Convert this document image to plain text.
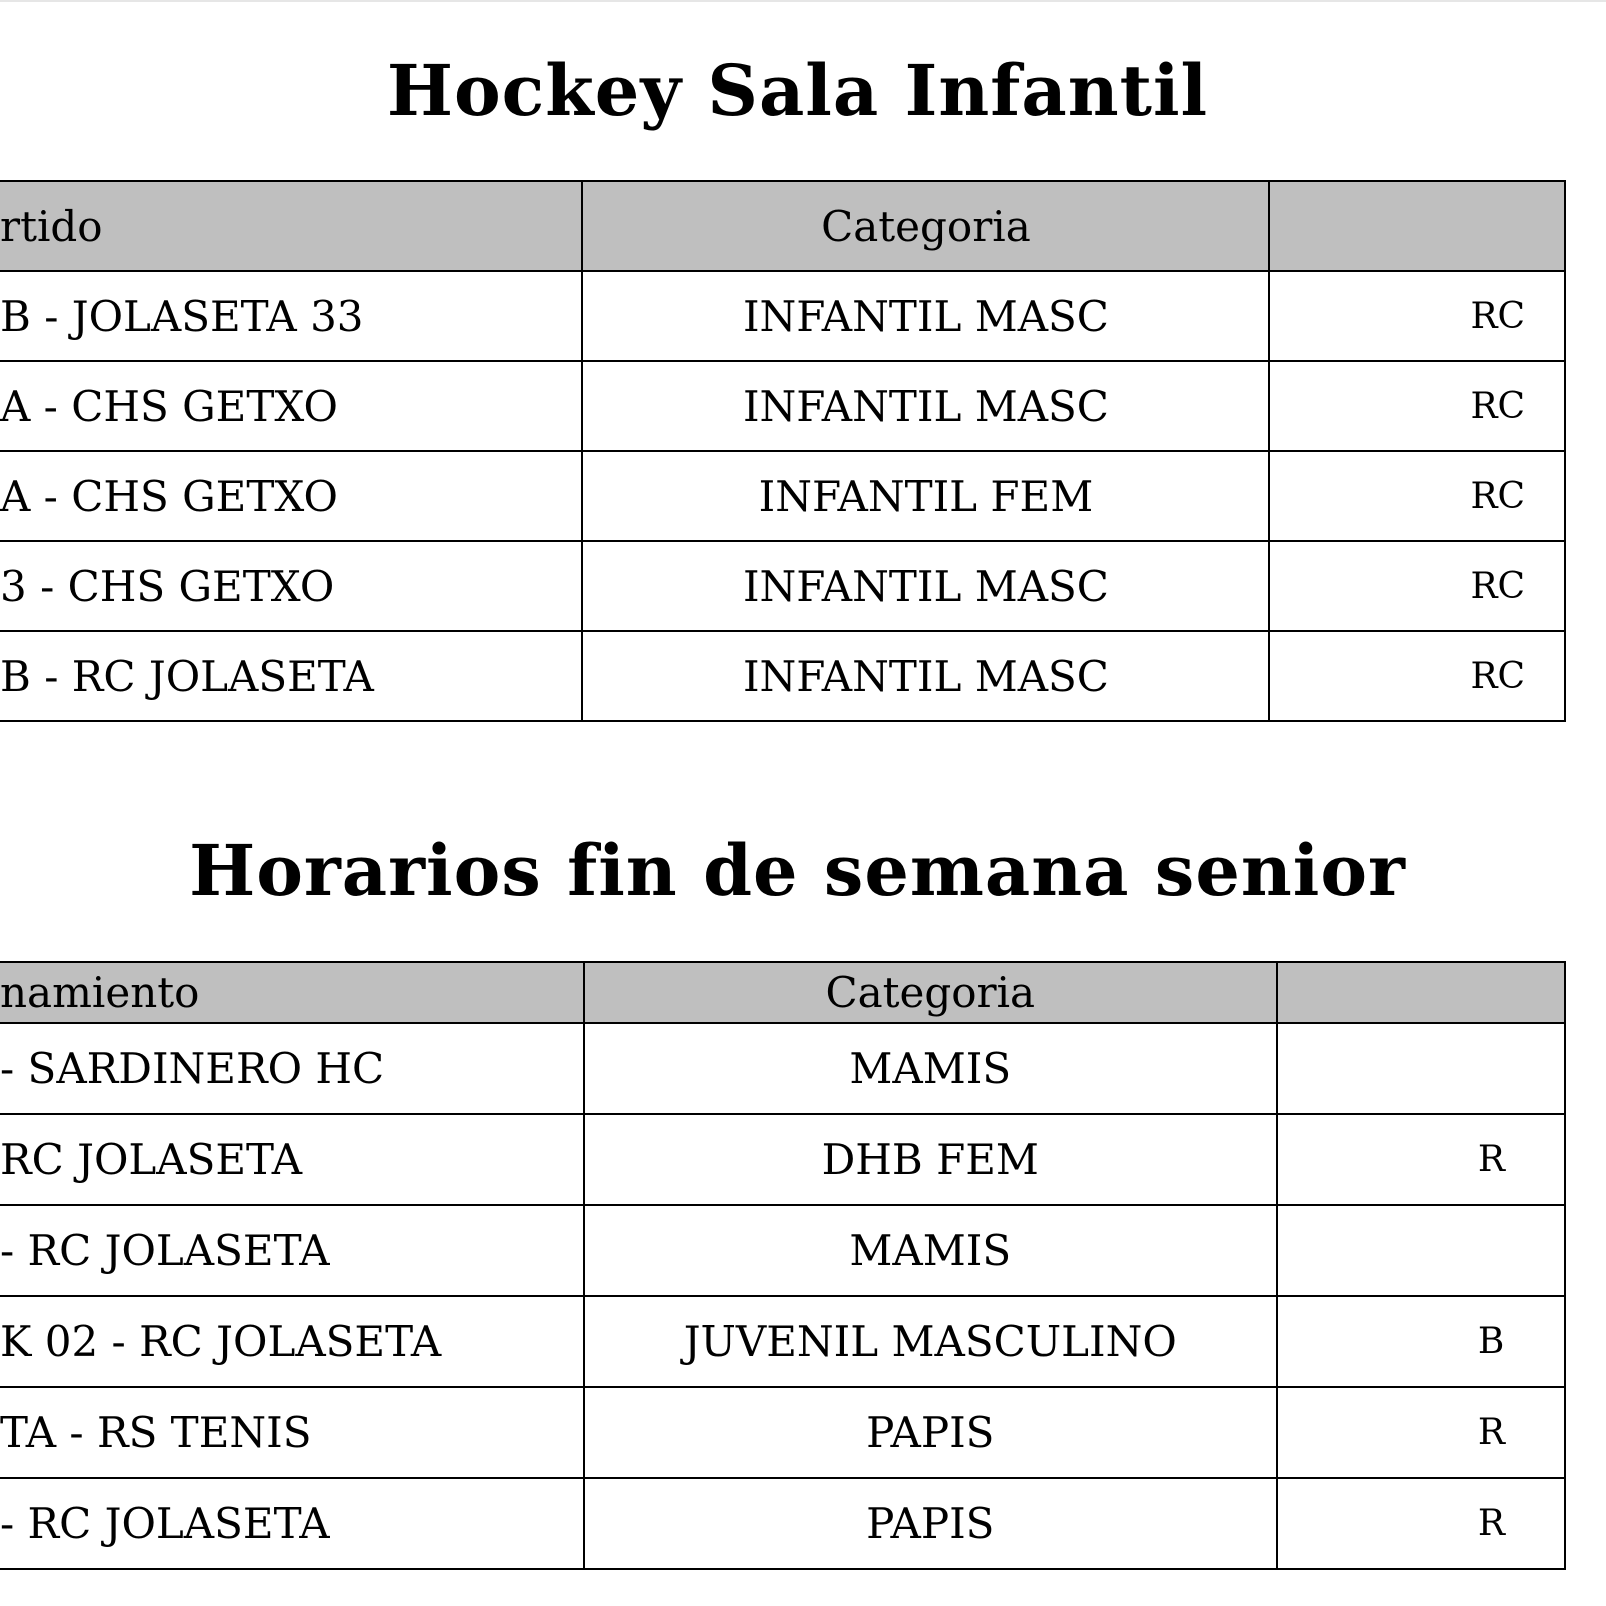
Hockey Sala Infantil
rtido	Categoria	

B - JOLASETA 33	INFANTIL MASC	RC

A - CHS GETXO	INFANTIL MASC	RC

A - CHS GETXO	INFANTIL FEM	RC

3 - CHS GETXO	INFANTIL MASC	RC

B - RC JOLASETA	INFANTIL MASC	RC
Horarios fin de semana senior
namiento	Categoria	

- SARDINERO HC	MAMIS	

RC JOLASETA	DHB FEM	R

- RC JOLASETA	MAMIS	

K 02 - RC JOLASETA	JUVENIL MASCULINO	B

TA - RS TENIS	PAPIS	R

- RC JOLASETA	PAPIS	R
